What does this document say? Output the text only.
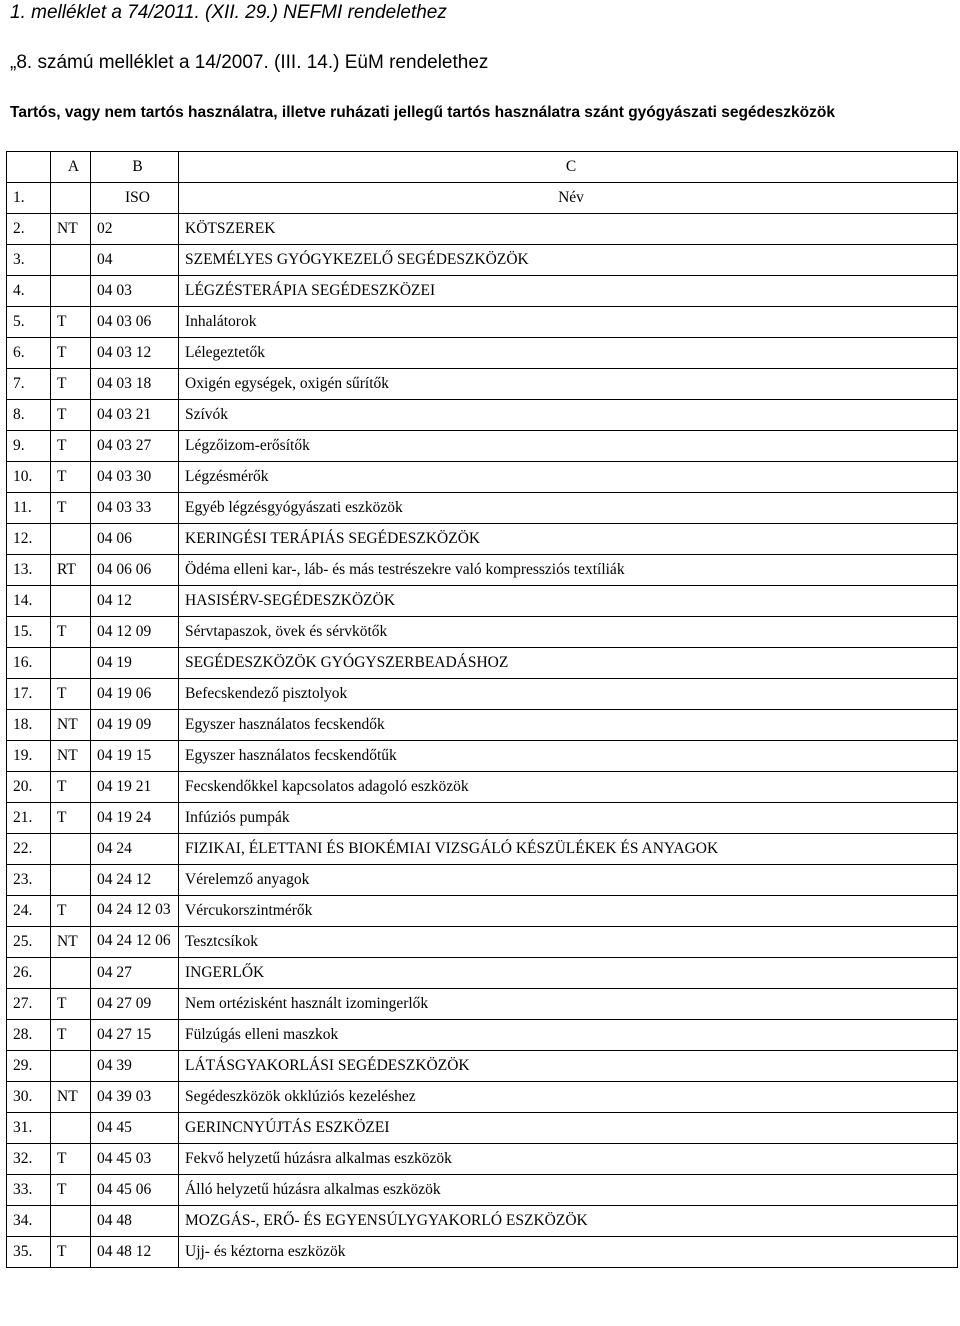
1. melléklet a 74/2011. (XII. 29.) NEFMI rendelethez

„8. számú melléklet a 14/2007. (III. 14.) EüM rendelethez

Tartós, vagy nem tartós használatra, illetve ruházati jellegű tartós használatra szánt gyógyászati segédeszközök

	A	B	C
1.		ISO	Név
2.	NT	02	KÖTSZEREK
3.		04	SZEMÉLYES GYÓGYKEZELŐ SEGÉDESZKÖZÖK
4.		04 03	LÉGZÉSTERÁPIA SEGÉDESZKÖZEI
5.	T	04 03 06	Inhalátorok
6.	T	04 03 12	Lélegeztetők
7.	T	04 03 18	Oxigén egységek, oxigén sűrítők
8.	T	04 03 21	Szívók
9.	T	04 03 27	Légzőizom-erősítők
10.	T	04 03 30	Légzésmérők
11.	T	04 03 33	Egyéb légzésgyógyászati eszközök
12.		04 06	KERINGÉSI TERÁPIÁS SEGÉDESZKÖZÖK
13.	RT	04 06 06	Ödéma elleni kar-, láb- és más testrészekre való kompressziós textíliák
14.		04 12	HASISÉRV-SEGÉDESZKÖZÖK
15.	T	04 12 09	Sérvtapaszok, övek és sérvkötők
16.		04 19	SEGÉDESZKÖZÖK GYÓGYSZERBEADÁSHOZ
17.	T	04 19 06	Befecskendező pisztolyok
18.	NT	04 19 09	Egyszer használatos fecskendők
19.	NT	04 19 15	Egyszer használatos fecskendőtűk
20.	T	04 19 21	Fecskendőkkel kapcsolatos adagoló eszközök
21.	T	04 19 24	Infúziós pumpák
22.		04 24	FIZIKAI, ÉLETTANI ÉS BIOKÉMIAI VIZSGÁLÓ KÉSZÜLÉKEK ÉS ANYAGOK
23.		04 24 12	Vérelemző anyagok
24.	T	04 24 12 03	Vércukorszintmérők
25.	NT	04 24 12 06	Tesztcsíkok
26.		04 27	INGERLŐK
27.	T	04 27 09	Nem ortézisként használt izomingerlők
28.	T	04 27 15	Fülzúgás elleni maszkok
29.		04 39	LÁTÁSGYAKORLÁSI SEGÉDESZKÖZÖK
30.	NT	04 39 03	Segédeszközök okklúziós kezeléshez
31.		04 45	GERINCNYÚJTÁS ESZKÖZEI
32.	T	04 45 03	Fekvő helyzetű húzásra alkalmas eszközök
33.	T	04 45 06	Álló helyzetű húzásra alkalmas eszközök
34.		04 48	MOZGÁS-, ERŐ- ÉS EGYENSÚLYGYAKORLÓ ESZKÖZÖK
35.	T	04 48 12	Ujj- és kéztorna eszközök
